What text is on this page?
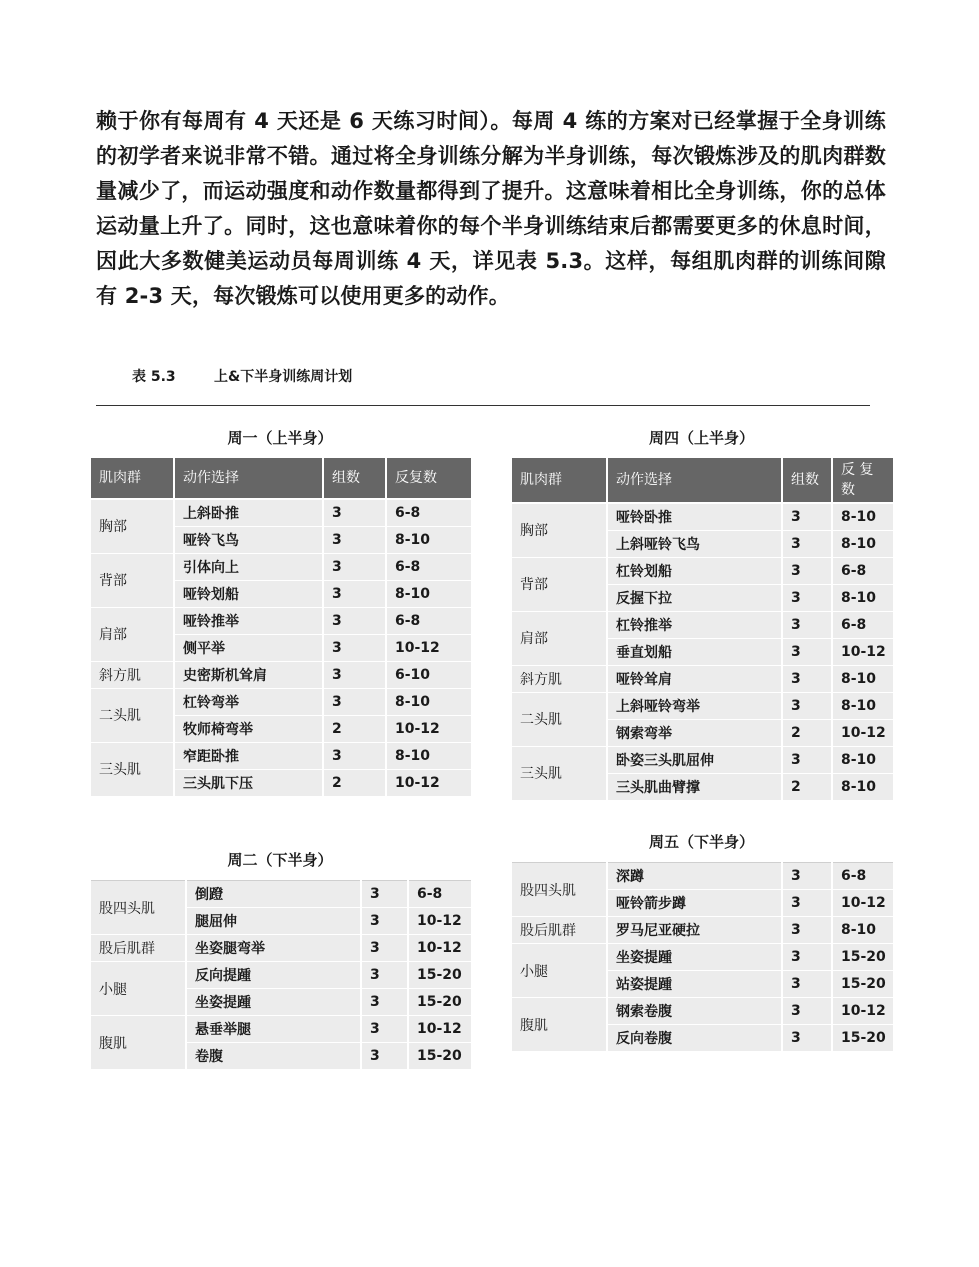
赖于你有每周有 4 天还是 6 天练习时间）。每周 4 练的方案对已经掌握于全身训练的初学者来说非常不错。通过将全身训练分解为半身训练，每次锻炼涉及的肌肉群数量减少了，而运动强度和动作数量都得到了提升。这意味着相比全身训练，你的总体运动量上升了。同时，这也意味着你的每个半身训练结束后都需要更多的休息时间，因此大多数健美运动员每周训练 4 天，详见表 5.3。这样，每组肌肉群的训练间隙有 2-3 天，每次锻炼可以使用更多的动作。

表 5.3	上&下半身训练周计划
周一（上半身）
肌肉群	动作选择	组数	反复数
胸部	上斜卧推	3	6-8
	哑铃飞鸟	3	8-10
背部	引体向上	3	6-8
	哑铃划船	3	8-10
肩部	哑铃推举	3	6-8
	侧平举	3	10-12
斜方肌	史密斯机耸肩	3	6-10
二头肌	杠铃弯举	3	8-10
	牧师椅弯举	2	10-12
三头肌	窄距卧推	3	8-10
	三头肌下压	2	10-12
周四（上半身）
肌肉群	动作选择	组数	反 复数
胸部	哑铃卧推	3	8-10
	上斜哑铃飞鸟	3	8-10
背部	杠铃划船	3	6-8
	反握下拉	3	8-10
肩部	杠铃推举	3	6-8
	垂直划船	3	10-12
斜方肌	哑铃耸肩	3	8-10
二头肌	上斜哑铃弯举	3	8-10
	钢索弯举	2	10-12
三头肌	卧姿三头肌屈伸	3	8-10
	三头肌曲臂撑	2	8-10
周二（下半身）
股四头肌	倒蹬	3	6-8
	腿屈伸	3	10-12
股后肌群	坐姿腿弯举	3	10-12
小腿	反向提踵	3	15-20
	坐姿提踵	3	15-20
腹肌	悬垂举腿	3	10-12
	卷腹	3	15-20
周五（下半身）
股四头肌	深蹲	3	6-8
	哑铃箭步蹲	3	10-12
股后肌群	罗马尼亚硬拉	3	8-10
小腿	坐姿提踵	3	15-20
	站姿提踵	3	15-20
腹肌	钢索卷腹	3	10-12
	反向卷腹	3	15-20
